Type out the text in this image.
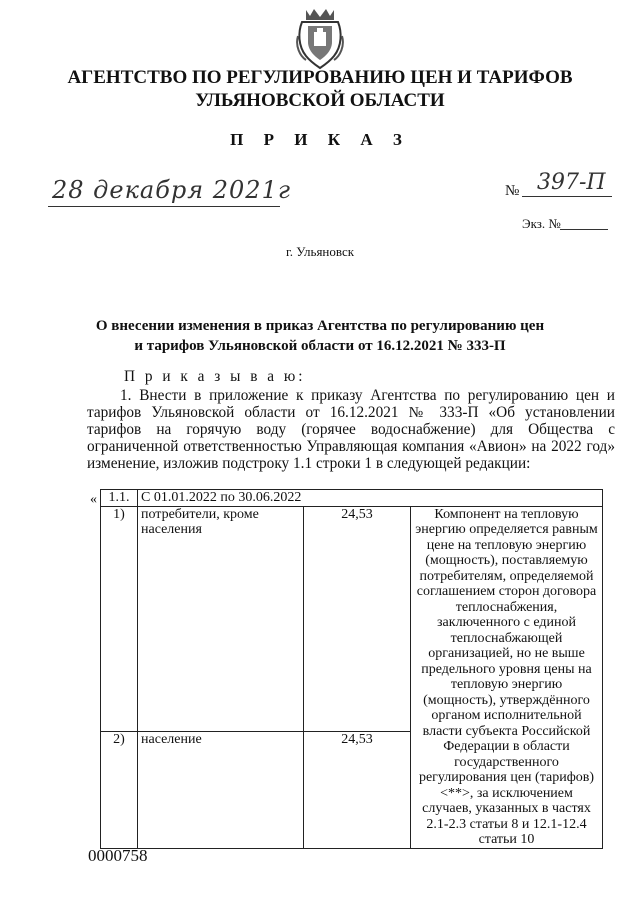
АГЕНТСТВО ПО РЕГУЛИРОВАНИЮ ЦЕН И ТАРИФОВ
УЛЬЯНОВСКОЙ ОБЛАСТИ
П Р И К А З
28 декабря 2021г	№ 397-П
Экз. №
г. Ульяновск
О внесении изменения в приказ Агентства по регулированию цен
и тарифов Ульяновской области от 16.12.2021 № 333-П
П р и к а з ы в а ю:
1. Внести в приложение к приказу Агентства по регулированию цен и тарифов Ульяновской области от 16.12.2021 № 333-П «Об установлении тарифов на горячую воду (горячее водоснабжение) для Общества с ограниченной ответственностью Управляющая компания «Авион» на 2022 год» изменение, изложив подстроку 1.1 строки 1 в следующей редакции:
« 1.1.	С 01.01.2022 по 30.06.2022		
1)	потребители, кроме населения	24,53	Компонент на тепловую энергию определяется равным цене на тепловую энергию (мощность), поставляемую потребителям, определяемой соглашением сторон договора теплоснабжения, заключенного с единой теплоснабжающей организацией, но не выше предельного уровня цены на тепловую энергию (мощность), утверждённого органом исполнительной власти субъекта Российской Федерации в области государственного регулирования цен (тарифов)<**>, за исключением случаев, указанных в частях 2.1-2.3 статьи 8 и 12.1-12.4 статьи 10
2)	население	24,53	
0000758
